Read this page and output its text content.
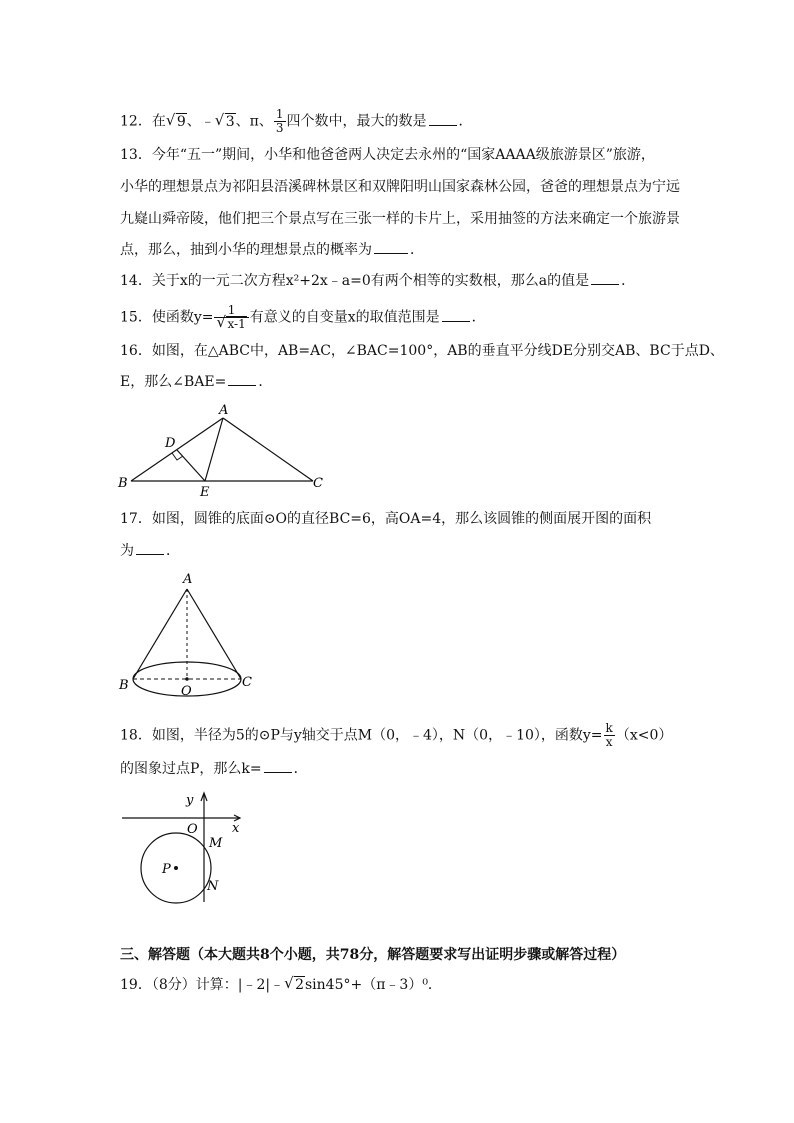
12．在 √ 9、﹣ √ 3、π、 $\frac{1}{3}$ 四个数中，最大的数是 ．
13．今年“五一”期间，小华和他爸爸两人决定去永州的“国家AAAA级旅游景区”旅游，
小华的理想景点为祁阳县浯溪碑林景区和双牌阳明山国家森林公园，爸爸的理想景点为宁远
九嶷山舜帝陵，他们把三个景点写在三张一样的卡片上，采用抽签的方法来确定一个旅游景
点，那么，抽到小华的理想景点的概率为	．
14．关于x的一元二次方程x²+2x﹣a=0有两个相等的实数根，那么a的值是 ．
15．使函数$y= \frac{1}{√ x-1}$ 有意义的自变量x的取值范围是 ．
16．如图，在△ABC中，AB=AC，∠BAC=100°，AB的垂直平分线DE分别交AB、BC于点D、
E，那么∠BAE= ．
A
B	C
D
E
17．如图，圆锥的底面⊙O的直径BC=6，高OA=4，那么该圆锥的侧面展开图的面积
为 ．
A
B	C
O
18．如图，半径为5的⊙P与y轴交于点M（0，﹣4），N（0，﹣10），函数$y= \frac{k}{x} (x<0)$
的图象过点P，那么k= ．
y
x
O
M
N
P
三、解答题（本大题共8个小题，共78分，解答题要求写出证明步骤或解答过程）
19．（8分）计算：|﹣2|﹣ √ 2sin45°+（π﹣3）⁰．
